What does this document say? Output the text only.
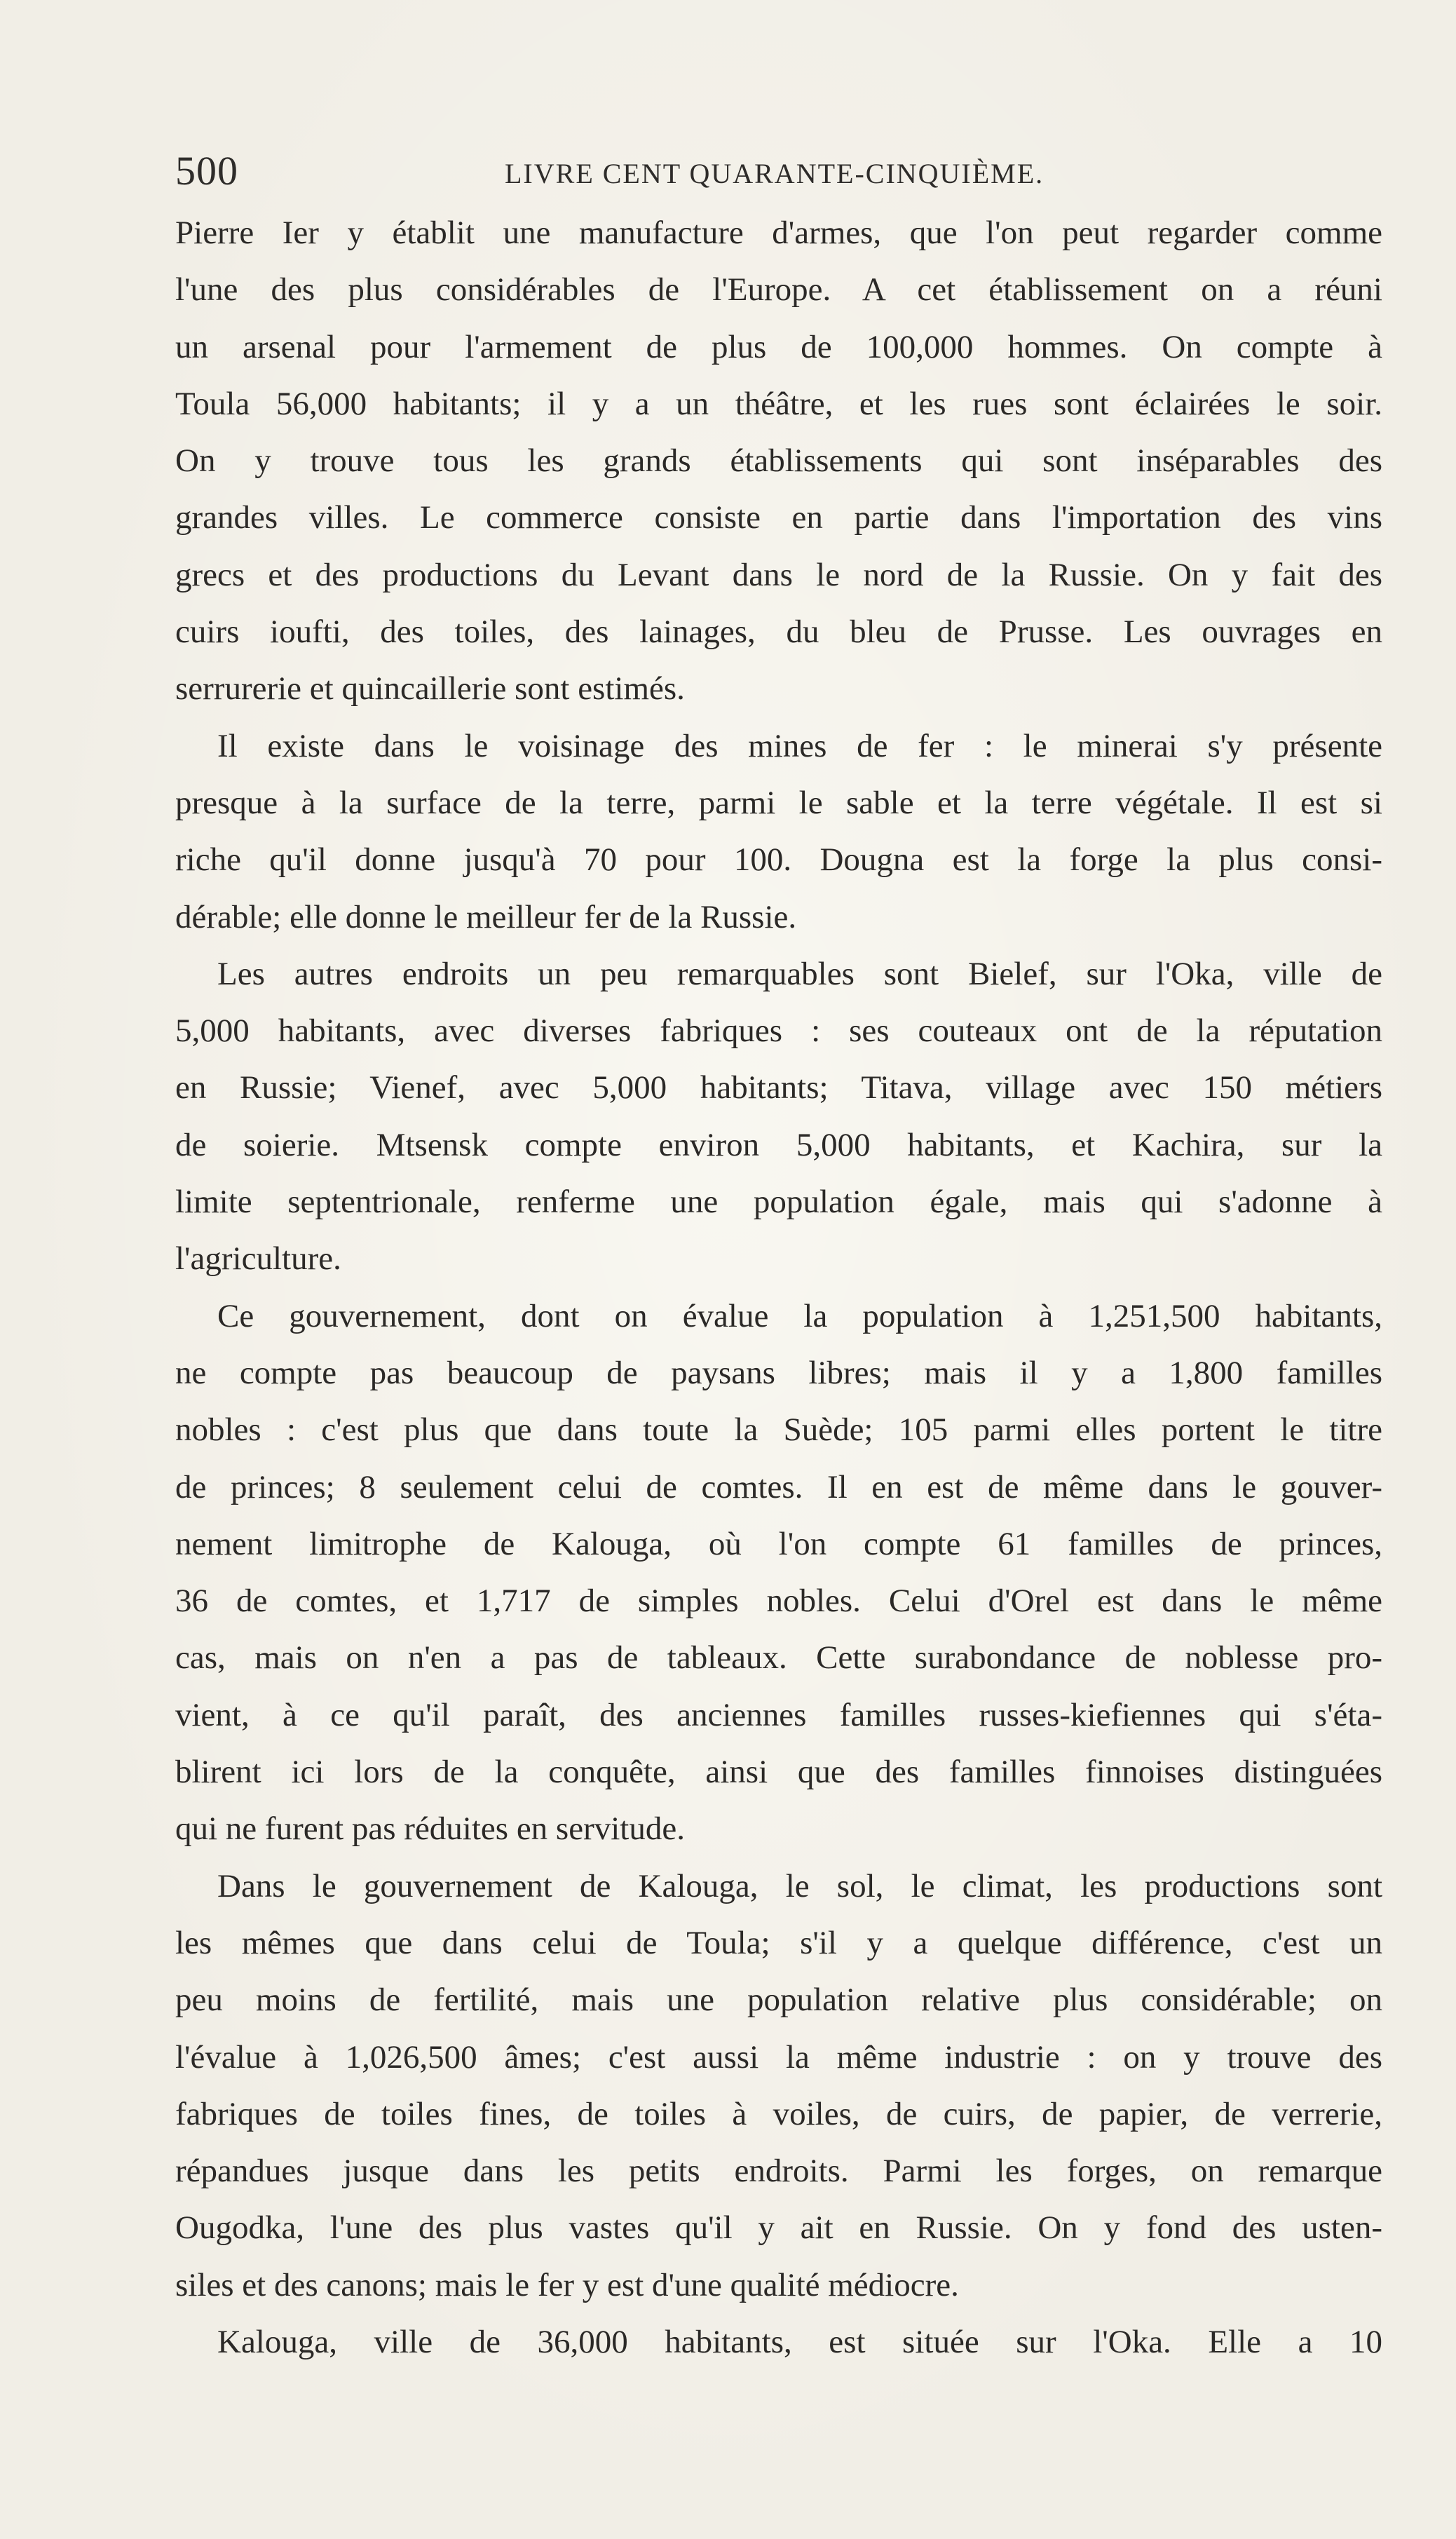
500	LIVRE CENT QUARANTE-CINQUIÈME.
Pierre Ier y établit une manufacture d'armes, que l'on peut regarder comme
l'une des plus considérables de l'Europe. A cet établissement on a réuni
un arsenal pour l'armement de plus de 100,000 hommes. On compte à
Toula 56,000 habitants; il y a un théâtre, et les rues sont éclairées le soir.
On y trouve tous les grands établissements qui sont inséparables des
grandes villes. Le commerce consiste en partie dans l'importation des vins
grecs et des productions du Levant dans le nord de la Russie. On y fait des
cuirs ioufti, des toiles, des lainages, du bleu de Prusse. Les ouvrages en
serrurerie et quincaillerie sont estimés.
Il existe dans le voisinage des mines de fer : le minerai s'y présente
presque à la surface de la terre, parmi le sable et la terre végétale. Il est si
riche qu'il donne jusqu'à 70 pour 100. Dougna est la forge la plus consi-
dérable; elle donne le meilleur fer de la Russie.
Les autres endroits un peu remarquables sont Bielef, sur l'Oka, ville de
5,000 habitants, avec diverses fabriques : ses couteaux ont de la réputation
en Russie; Vienef, avec 5,000 habitants; Titava, village avec 150 métiers
de soierie. Mtsensk compte environ 5,000 habitants, et Kachira, sur la
limite septentrionale, renferme une population égale, mais qui s'adonne à
l'agriculture.
Ce gouvernement, dont on évalue la population à 1,251,500 habitants,
ne compte pas beaucoup de paysans libres; mais il y a 1,800 familles
nobles : c'est plus que dans toute la Suède; 105 parmi elles portent le titre
de princes; 8 seulement celui de comtes. Il en est de même dans le gouver-
nement limitrophe de Kalouga, où l'on compte 61 familles de princes,
36 de comtes, et 1,717 de simples nobles. Celui d'Orel est dans le même
cas, mais on n'en a pas de tableaux. Cette surabondance de noblesse pro-
vient, à ce qu'il paraît, des anciennes familles russes-kiefiennes qui s'éta-
blirent ici lors de la conquête, ainsi que des familles finnoises distinguées
qui ne furent pas réduites en servitude.
Dans le gouvernement de Kalouga, le sol, le climat, les productions sont
les mêmes que dans celui de Toula; s'il y a quelque différence, c'est un
peu moins de fertilité, mais une population relative plus considérable; on
l'évalue à 1,026,500 âmes; c'est aussi la même industrie : on y trouve des
fabriques de toiles fines, de toiles à voiles, de cuirs, de papier, de verrerie,
répandues jusque dans les petits endroits. Parmi les forges, on remarque
Ougodka, l'une des plus vastes qu'il y ait en Russie. On y fond des usten-
siles et des canons; mais le fer y est d'une qualité médiocre.
Kalouga, ville de 36,000 habitants, est située sur l'Oka. Elle a 10
